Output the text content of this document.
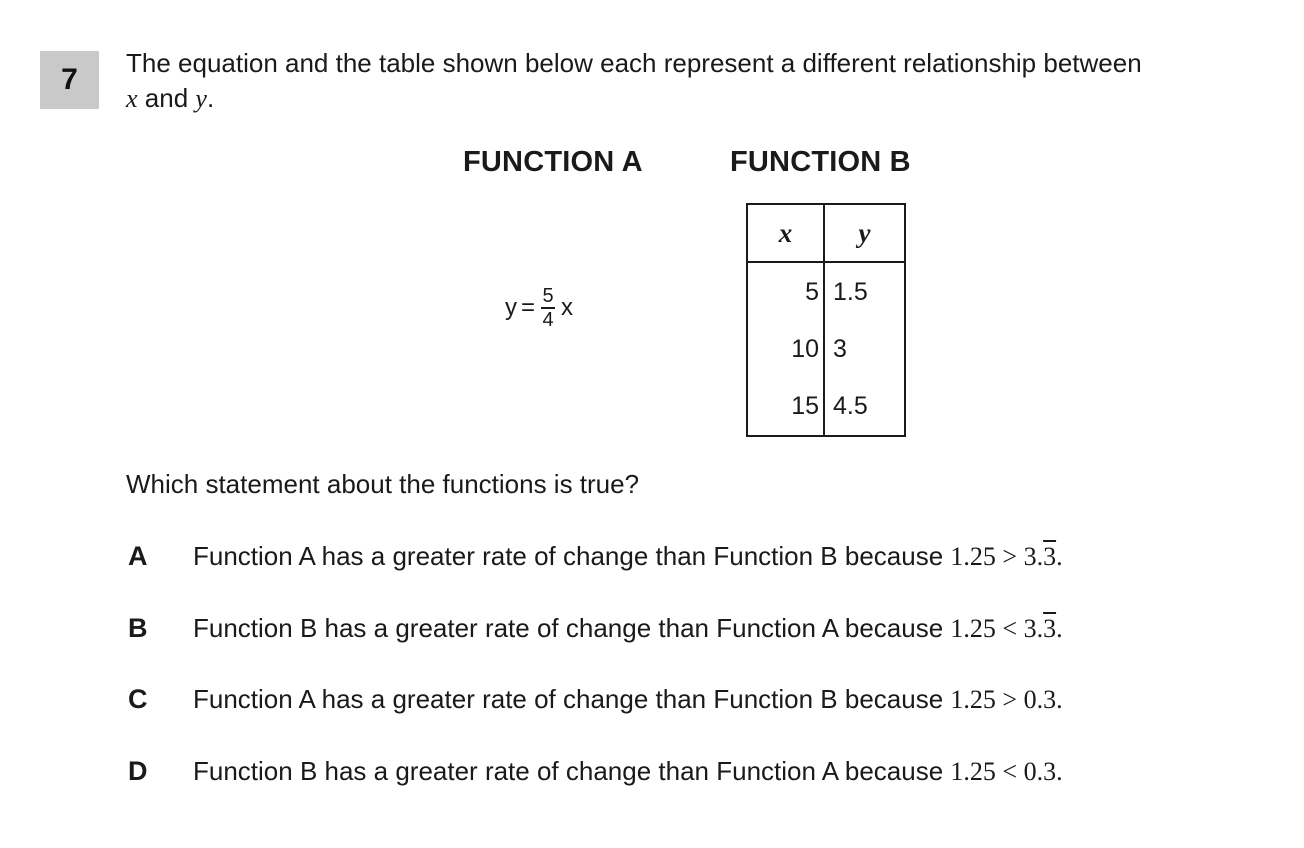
7	The equation and the table shown below each represent a different relationship between
x and y.
FUNCTION A	FUNCTION B
$y = \frac{5}{4}$ x
x	y
5	1.5
10	3
15	4.5
Which statement about the functions is true?
A	Function A has a greater rate of change than Function B because 1.25 > 3.3.
B	Function B has a greater rate of change than Function A because 1.25 < 3.3.
C	Function A has a greater rate of change than Function B because 1.25 > 0.3.
D	Function B has a greater rate of change than Function A because 1.25 < 0.3.
